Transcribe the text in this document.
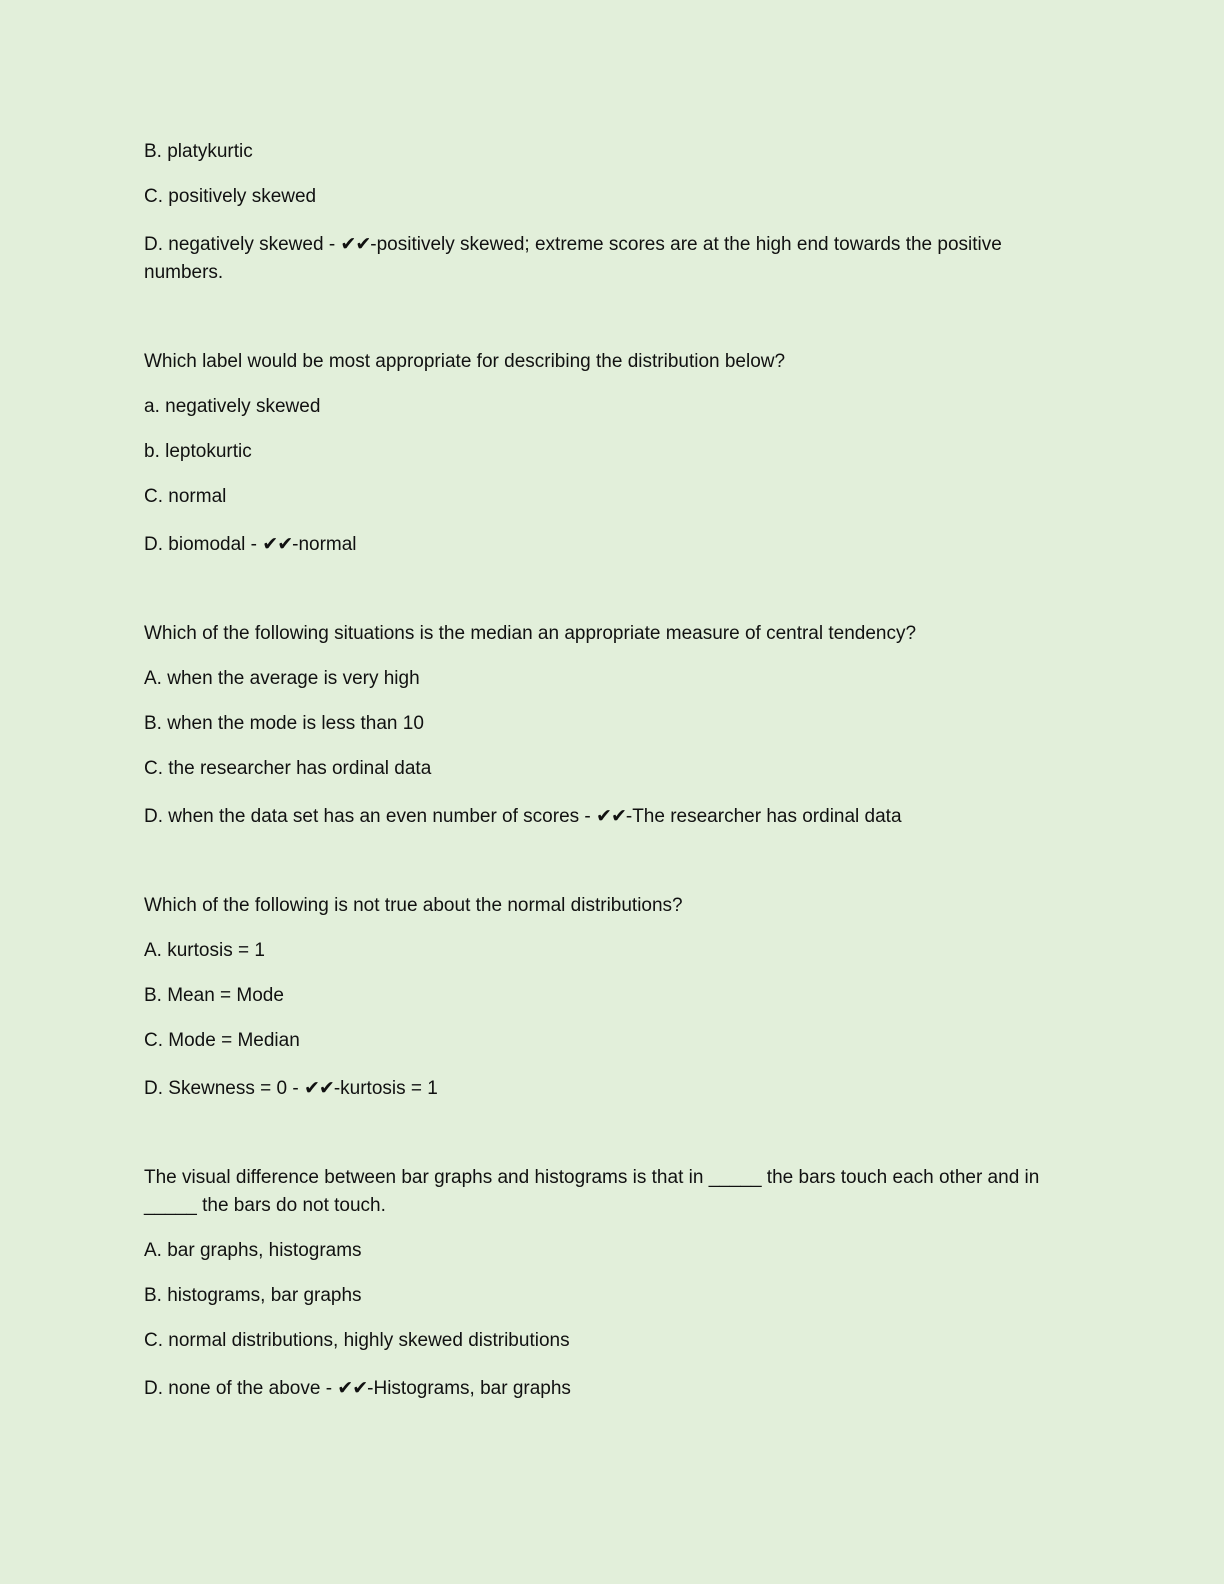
B. platykurtic

C. positively skewed

D. negatively skewed - ✔✔-positively skewed; extreme scores are at the high end towards the positive numbers.

Which label would be most appropriate for describing the distribution below?

a. negatively skewed

b. leptokurtic

C. normal

D. biomodal - ✔✔-normal

Which of the following situations is the median an appropriate measure of central tendency?

A. when the average is very high

B. when the mode is less than 10

C. the researcher has ordinal data

D. when the data set has an even number of scores - ✔✔-The researcher has ordinal data

Which of the following is not true about the normal distributions?

A. kurtosis = 1

B. Mean = Mode

C. Mode = Median

D. Skewness = 0 - ✔✔-kurtosis = 1

The visual difference between bar graphs and histograms is that in _____ the bars touch each other and in _____ the bars do not touch.

A. bar graphs, histograms

B. histograms, bar graphs

C. normal distributions, highly skewed distributions

D. none of the above - ✔✔-Histograms, bar graphs
